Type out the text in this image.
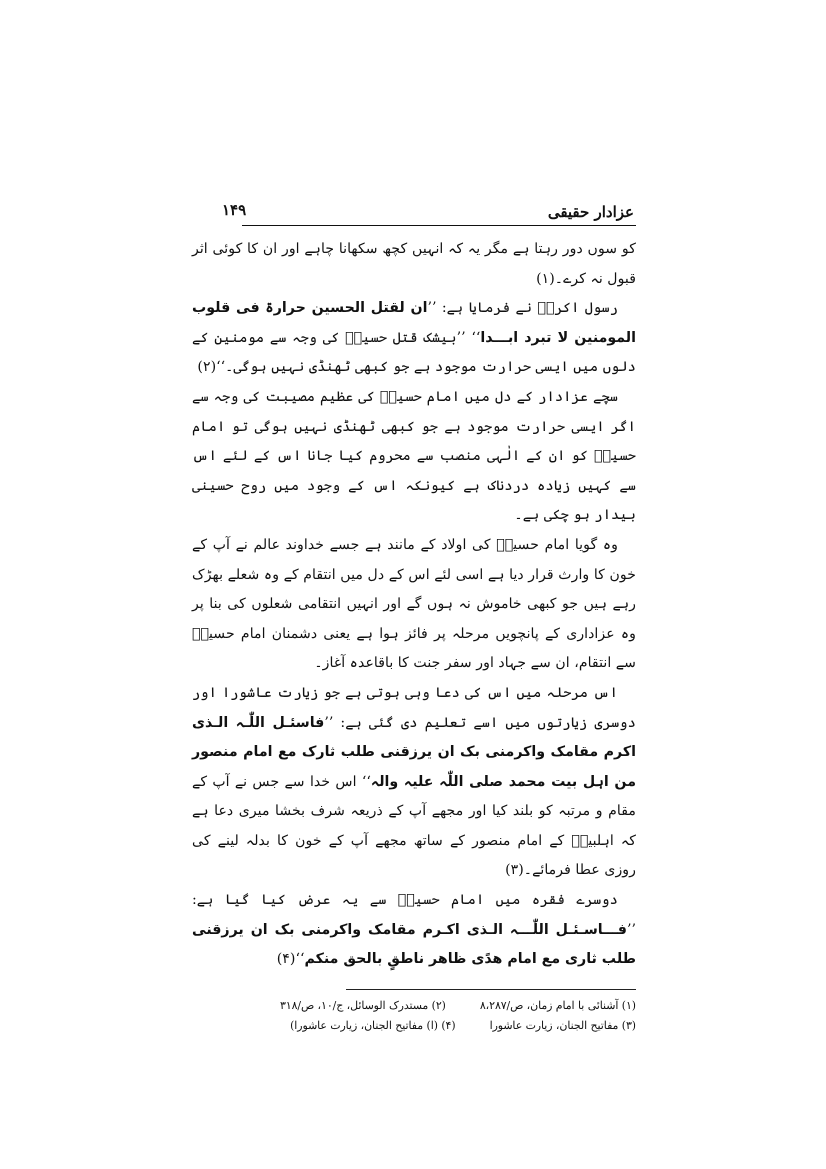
عزادار حقیقی
۱۴۹

کو سوں دور رہتا ہے مگر یہ کہ انہیں کچھ سکھانا چاہے اور ان کا کوئی اثر قبول نہ کرے۔(۱)

رسول اکرمؐ نے فرمایا ہے: ’’ان لقتل الحسین حرارۃ فی قلوب المومنین لا تبرد ابـــدا‘‘ ’’بیشک قتل حسینؑ کی وجہ سے مومنین کے دلوں میں ایسی حرارت موجود ہے جو کبھی ٹھنڈی نہیں ہوگی۔‘‘(۲)

سچے عزادار کے دل میں امام حسینؑ کی عظیم مصیبت کی وجہ سے اگر ایسی حرارت موجود ہے جو کبھی ٹھنڈی نہیں ہوگی تو امام حسینؑ کو ان کے الٰہی منصب سے محروم کیا جانا اس کے لئے اس سے کہیں زیادہ دردناک ہے کیونکہ اس کے وجود میں روح حسینی بیدار ہو چکی ہے۔

وہ گویا امام حسینؑ کی اولاد کے مانند ہے جسے خداوند عالم نے آپ کے خون کا وارث قرار دیا ہے اسی لئے اس کے دل میں انتقام کے وہ شعلے بھڑک رہے ہیں جو کبھی خاموش نہ ہوں گے اور انہیں انتقامی شعلوں کی بنا پر وہ عزاداری کے پانچویں مرحلہ پر فائز ہوا ہے یعنی دشمنان امام حسینؑ سے انتقام، ان سے جہاد اور سفر جنت کا باقاعدہ آغاز۔

اس مرحلہ میں اس کی دعا وہی ہوتی ہے جو زیارت عاشورا اور دوسری زیارتوں میں اسے تعلیم دی گئی ہے: ’’فاسئـل اللّٰـہ الـذی اکرم مقامک واکرمنی بک ان یرزقنی طلب ثارک مع امام منصور من اہل بیت محمد صلی اللّٰہ علیہ والہ‘‘ اس خدا سے جس نے آپ کے مقام و مرتبہ کو بلند کیا اور مجھے آپ کے ذریعہ شرف بخشا میری دعا ہے کہ اہلبیتؑ کے امام منصور کے ساتھ مجھے آپ کے خون کا بدلہ لینے کی روزی عطا فرمائے۔(۳)

دوسرے فقرہ میں امام حسینؑ سے یہ عرض کیا گیا ہے: ’’فـــاسـئـل اللّٰـــہ الـذی اکـرم مقامک واکرمنی بک ان یرزقنی طلب ثاری مع امام ھدًی ظاھر ناطقٍ بالحق منکم‘‘(۴)

(۱) آشنائی با امام زمان، ص/۸،۲۸۷
(۲) مستدرک الوسائل، ج/۱۰، ص/۳۱۸
(۳) مفاتیح الجنان، زیارت عاشورا
(۴) (ا) مفاتیح الجنان، زیارت عاشورا)
